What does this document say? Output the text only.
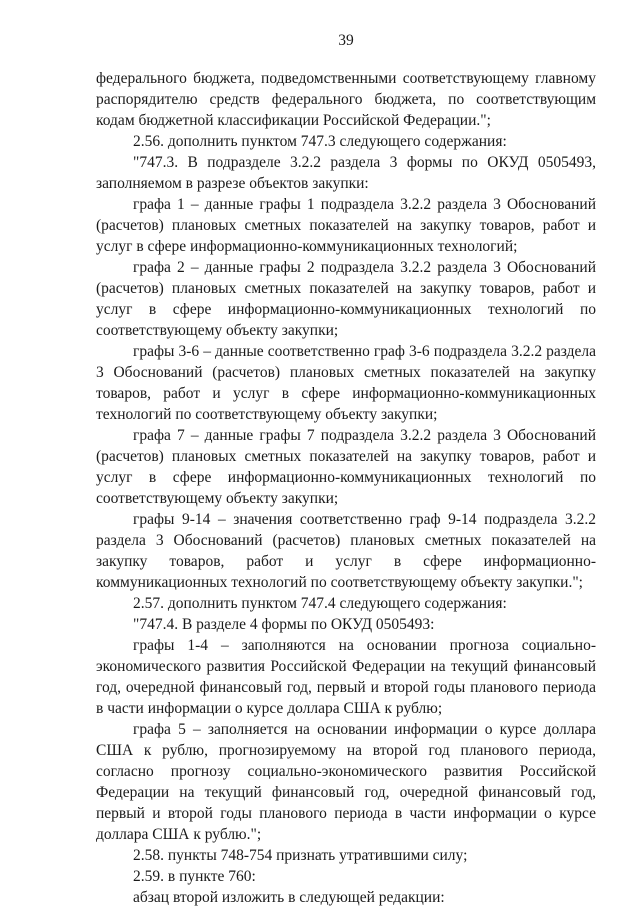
39

федерального бюджета, подведомственными соответствующему главному распорядителю средств федерального бюджета, по соответствующим кодам бюджетной классификации Российской Федерации.";

2.56. дополнить пунктом 747.3 следующего содержания:

"747.3. В подразделе 3.2.2 раздела 3 формы по ОКУД 0505493, заполняемом в разрезе объектов закупки:

графа 1 – данные графы 1 подраздела 3.2.2 раздела 3 Обоснований (расчетов) плановых сметных показателей на закупку товаров, работ и услуг в сфере информационно-коммуникационных технологий;

графа 2 – данные графы 2 подраздела 3.2.2 раздела 3 Обоснований (расчетов) плановых сметных показателей на закупку товаров, работ и услуг в сфере информационно-коммуникационных технологий по соответствующему объекту закупки;

графы 3-6 – данные соответственно граф 3-6 подраздела 3.2.2 раздела 3 Обоснований (расчетов) плановых сметных показателей на закупку товаров, работ и услуг в сфере информационно-коммуникационных технологий по соответствующему объекту закупки;

графа 7 – данные графы 7 подраздела 3.2.2 раздела 3 Обоснований (расчетов) плановых сметных показателей на закупку товаров, работ и услуг в сфере информационно-коммуникационных технологий по соответствующему объекту закупки;

графы 9-14 – значения соответственно граф 9-14 подраздела 3.2.2 раздела 3 Обоснований (расчетов) плановых сметных показателей на закупку товаров, работ и услуг в сфере информационно-коммуникационных технологий по соответствующему объекту закупки.";

2.57. дополнить пунктом 747.4 следующего содержания:

"747.4. В разделе 4 формы по ОКУД 0505493:

графы 1-4 – заполняются на основании прогноза социально-экономического развития Российской Федерации на текущий финансовый год, очередной финансовый год, первый и второй годы планового периода в части информации о курсе доллара США к рублю;

графа 5 – заполняется на основании информации о курсе доллара США к рублю, прогнозируемому на второй год планового периода, согласно прогнозу социально-экономического развития Российской Федерации на текущий финансовый год, очередной финансовый год, первый и второй годы планового периода в части информации о курсе доллара США к рублю.";

2.58. пункты 748-754 признать утратившими силу;

2.59. в пункте 760:

абзац второй изложить в следующей редакции:
